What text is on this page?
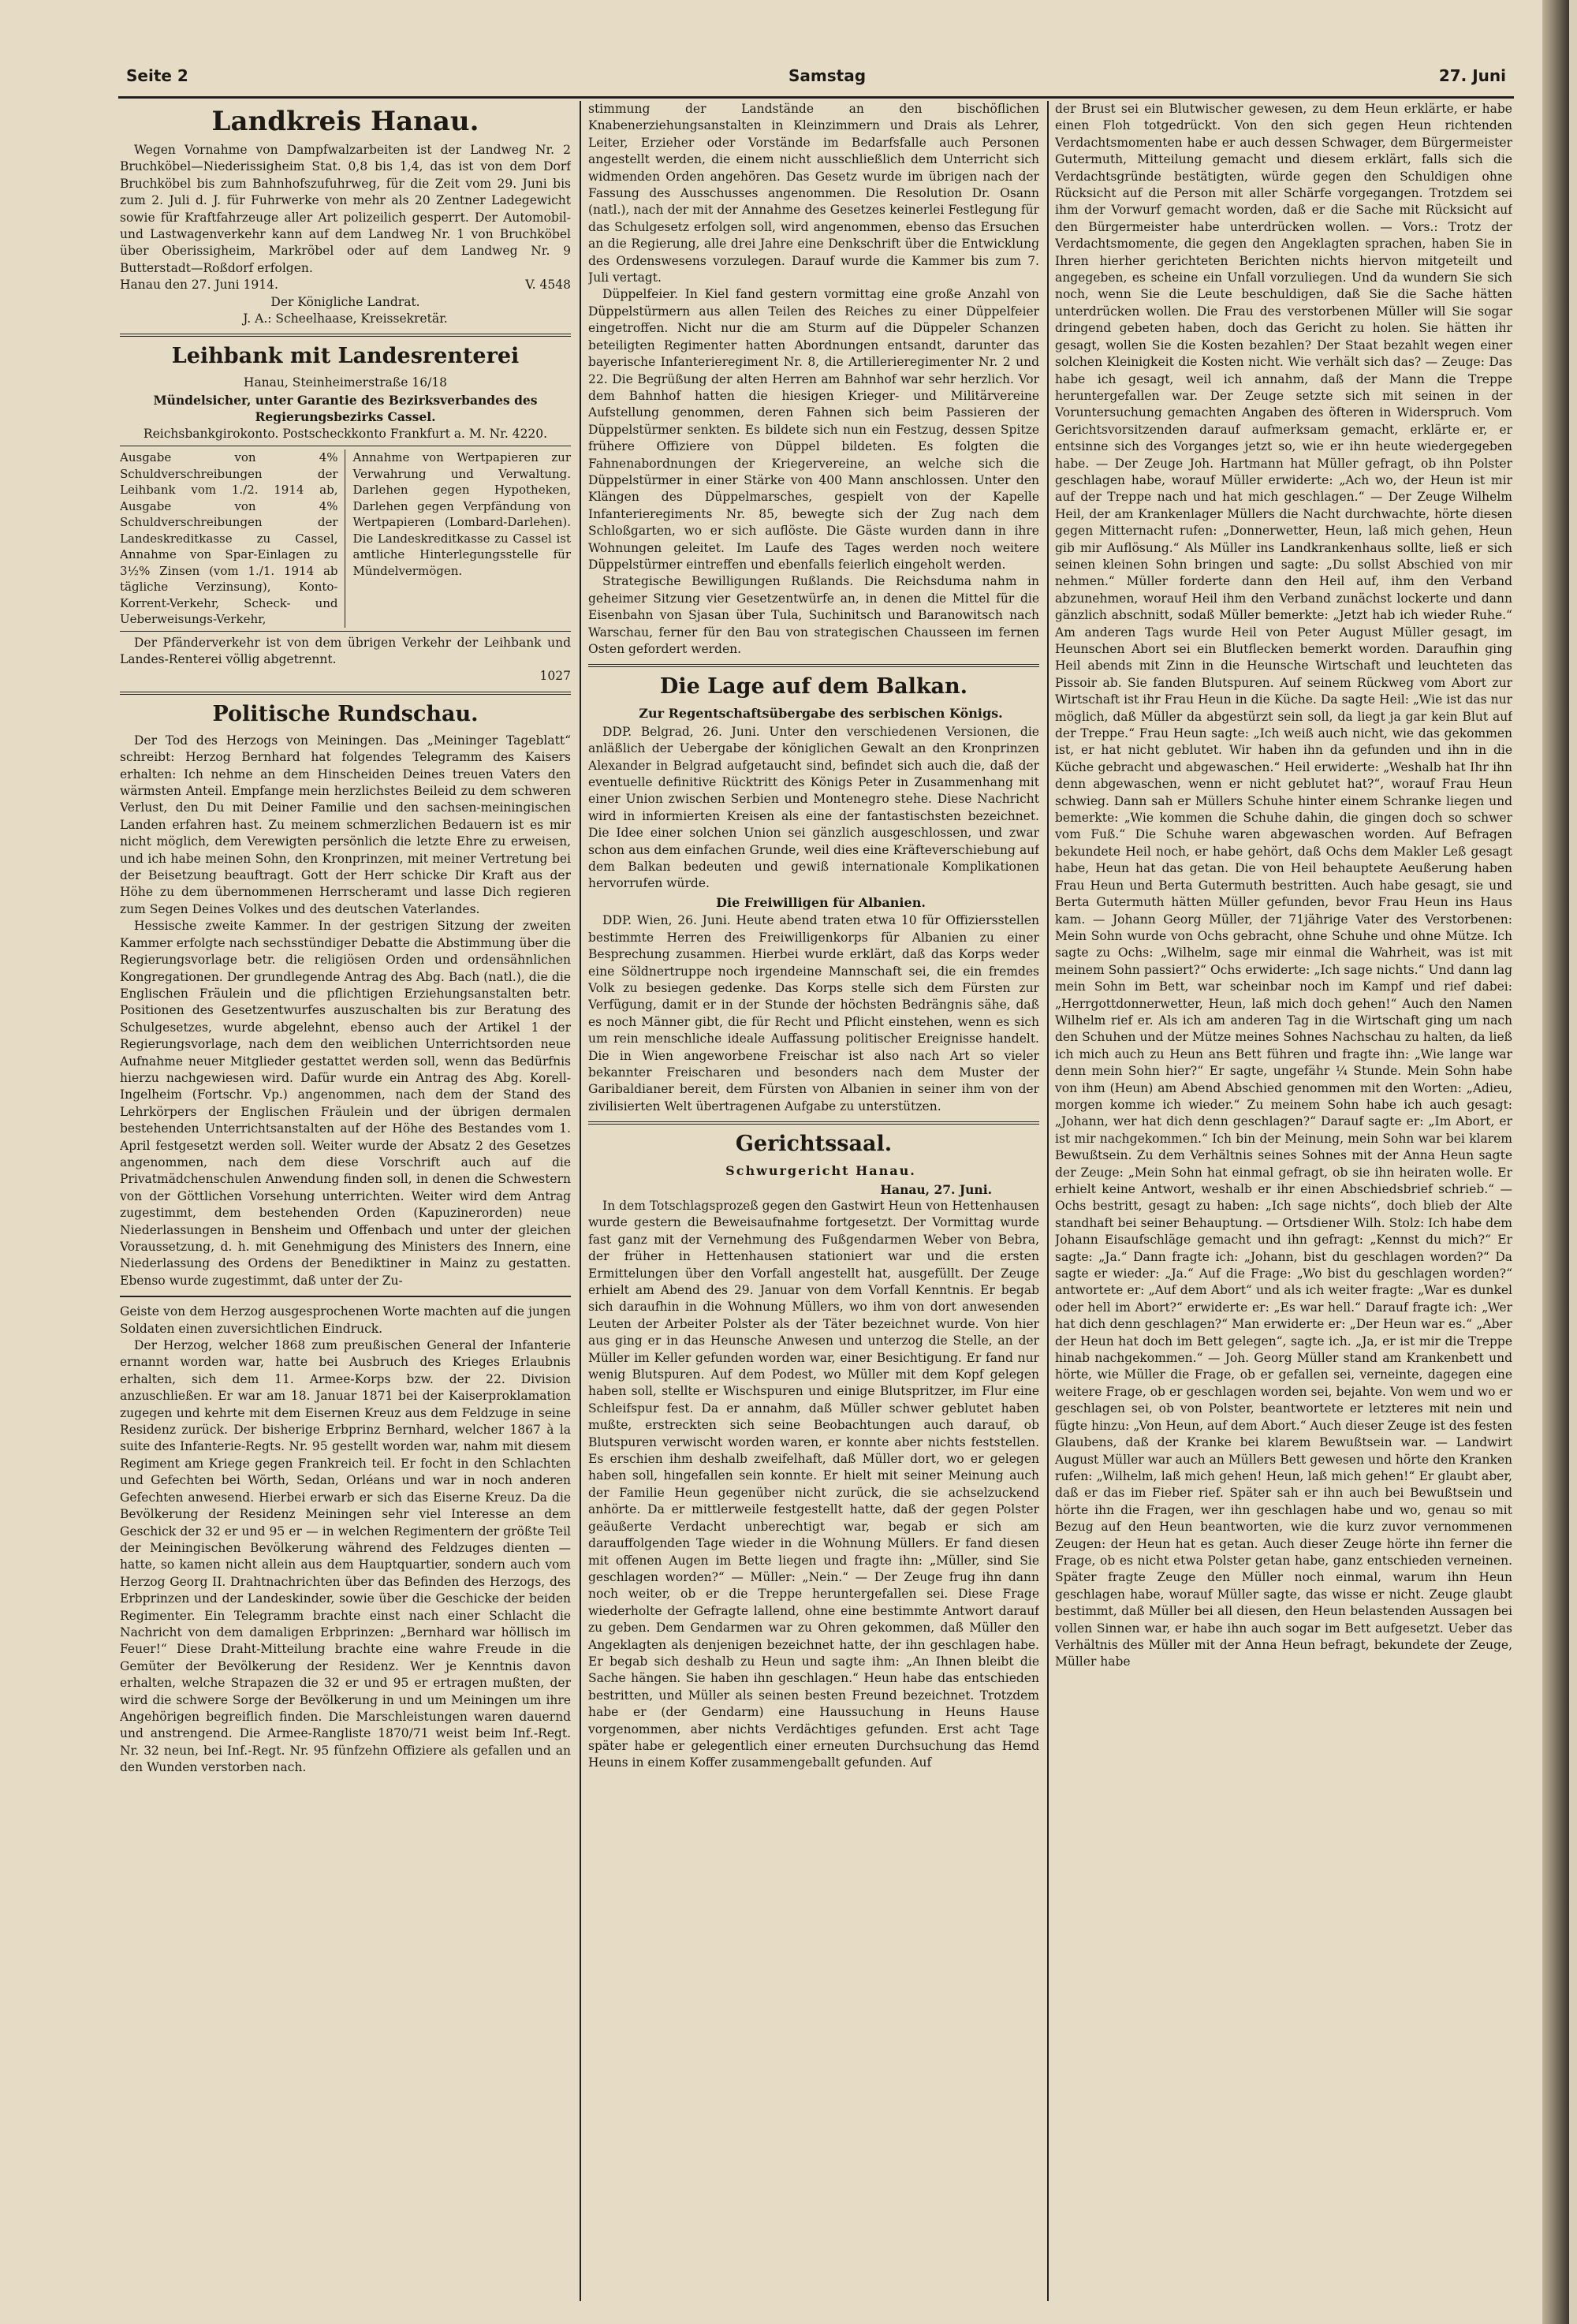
Seite 2	Samstag	27. Juni
Landkreis Hanau.

Wegen Vornahme von Dampfwalzarbeiten ist der Landweg Nr. 2 Bruchköbel—Niederissigheim Stat. 0,8 bis 1,4, das ist von dem Dorf Bruchköbel bis zum Bahnhofszufuhrweg, für die Zeit vom 29. Juni bis zum 2. Juli d. J. für Fuhrwerke von mehr als 20 Zentner Ladegewicht sowie für Kraftfahrzeuge aller Art polizeilich gesperrt. Der Automobil- und Lastwagenverkehr kann auf dem Landweg Nr. 1 von Bruchköbel über Oberissigheim, Markröbel oder auf dem Landweg Nr. 9 Butterstadt—Roßdorf erfolgen.

Hanau den 27. Juni 1914.	V. 4548

Der Königliche Landrat.

J. A.: Scheelhaase, Kreissekretär.

Leihbank mit Landesrenterei

Hanau, Steinheimerstraße 16/18

Mündelsicher, unter Garantie des Bezirksverbandes des Regierungsbezirks Cassel.

Reichsbankgirokonto. Postscheckkonto Frankfurt a. M. Nr. 4220.

Ausgabe von 4% Schuldverschreibungen der Leihbank vom 1./2. 1914 ab, Ausgabe von 4% Schuldverschreibungen der Landeskreditkasse zu Cassel, Annahme von Spar-Einlagen zu 3½% Zinsen (vom 1./1. 1914 ab tägliche Verzinsung), Konto-Korrent-Verkehr, Scheck- und Ueberweisungs-Verkehr,
Annahme von Wertpapieren zur Verwahrung und Verwaltung. Darlehen gegen Hypotheken, Darlehen gegen Verpfändung von Wertpapieren (Lombard-Darlehen). Die Landeskreditkasse zu Cassel ist amtliche Hinterlegungsstelle für Mündelvermögen.

Der Pfänderverkehr ist von dem übrigen Verkehr der Leihbank und Landes-Renterei völlig abgetrennt.

1027

Politische Rundschau.

Der Tod des Herzogs von Meiningen. Das „Meininger Tageblatt“ schreibt: Herzog Bernhard hat folgendes Telegramm des Kaisers erhalten: Ich nehme an dem Hinscheiden Deines treuen Vaters den wärmsten Anteil. Empfange mein herzlichstes Beileid zu dem schweren Verlust, den Du mit Deiner Familie und den sachsen-meiningischen Landen erfahren hast. Zu meinem schmerzlichen Bedauern ist es mir nicht möglich, dem Verewigten persönlich die letzte Ehre zu erweisen, und ich habe meinen Sohn, den Kronprinzen, mit meiner Vertretung bei der Beisetzung beauftragt. Gott der Herr schicke Dir Kraft aus der Höhe zu dem übernommenen Herrscheramt und lasse Dich regieren zum Segen Deines Volkes und des deutschen Vaterlandes.

Hessische zweite Kammer. In der gestrigen Sitzung der zweiten Kammer erfolgte nach sechsstündiger Debatte die Abstimmung über die Regierungsvorlage betr. die religiösen Orden und ordensähnlichen Kongregationen. Der grundlegende Antrag des Abg. Bach (natl.), die die Englischen Fräulein und die pflichtigen Erziehungsanstalten betr. Positionen des Gesetzentwurfes auszuschalten bis zur Beratung des Schulgesetzes, wurde abgelehnt, ebenso auch der Artikel 1 der Regierungsvorlage, nach dem den weiblichen Unterrichtsorden neue Aufnahme neuer Mitglieder gestattet werden soll, wenn das Bedürfnis hierzu nachgewiesen wird. Dafür wurde ein Antrag des Abg. Korell-Ingelheim (Fortschr. Vp.) angenommen, nach dem der Stand des Lehrkörpers der Englischen Fräulein und der übrigen dermalen bestehenden Unterrichtsanstalten auf der Höhe des Bestandes vom 1. April festgesetzt werden soll. Weiter wurde der Absatz 2 des Gesetzes angenommen, nach dem diese Vorschrift auch auf die Privatmädchenschulen Anwendung finden soll, in denen die Schwestern von der Göttlichen Vorsehung unterrichten. Weiter wird dem Antrag zugestimmt, dem bestehenden Orden (Kapuzinerorden) neue Niederlassungen in Bensheim und Offenbach und unter der gleichen Voraussetzung, d. h. mit Genehmigung des Ministers des Innern, eine Niederlassung des Ordens der Benediktiner in Mainz zu gestatten. Ebenso wurde zugestimmt, daß unter der Zu-

Geiste von dem Herzog ausgesprochenen Worte machten auf die jungen Soldaten einen zuversichtlichen Eindruck.

Der Herzog, welcher 1868 zum preußischen General der Infanterie ernannt worden war, hatte bei Ausbruch des Krieges Erlaubnis erhalten, sich dem 11. Armee-Korps bzw. der 22. Division anzuschließen. Er war am 18. Januar 1871 bei der Kaiserproklamation zugegen und kehrte mit dem Eisernen Kreuz aus dem Feldzuge in seine Residenz zurück. Der bisherige Erbprinz Bernhard, welcher 1867 à la suite des Infanterie-Regts. Nr. 95 gestellt worden war, nahm mit diesem Regiment am Kriege gegen Frankreich teil. Er focht in den Schlachten und Gefechten bei Wörth, Sedan, Orléans und war in noch anderen Gefechten anwesend. Hierbei erwarb er sich das Eiserne Kreuz. Da die Bevölkerung der Residenz Meiningen sehr viel Interesse an dem Geschick der 32 er und 95 er — in welchen Regimentern der größte Teil der Meiningischen Bevölkerung während des Feldzuges dienten — hatte, so kamen nicht allein aus dem Hauptquartier, sondern auch vom Herzog Georg II. Drahtnachrichten über das Befinden des Herzogs, des Erbprinzen und der Landeskinder, sowie über die Geschicke der beiden Regimenter. Ein Telegramm brachte einst nach einer Schlacht die Nachricht von dem damaligen Erbprinzen: „Bernhard war höllisch im Feuer!“ Diese Draht-Mitteilung brachte eine wahre Freude in die Gemüter der Bevölkerung der Residenz. Wer je Kenntnis davon erhalten, welche Strapazen die 32 er und 95 er ertragen mußten, der wird die schwere Sorge der Bevölkerung in und um Meiningen um ihre Angehörigen begreiflich finden. Die Marschleistungen waren dauernd und anstrengend. Die Armee-Rangliste 1870/71 weist beim Inf.-Regt. Nr. 32 neun, bei Inf.-Regt. Nr. 95 fünfzehn Offiziere als gefallen und an den Wunden verstorben nach.

stimmung der Landstände an den bischöflichen Knabenerziehungsanstalten in Kleinzimmern und Drais als Lehrer, Leiter, Erzieher oder Vorstände im Bedarfsfalle auch Personen angestellt werden, die einem nicht ausschließlich dem Unterricht sich widmenden Orden angehören. Das Gesetz wurde im übrigen nach der Fassung des Ausschusses angenommen. Die Resolution Dr. Osann (natl.), nach der mit der Annahme des Gesetzes keinerlei Festlegung für das Schulgesetz erfolgen soll, wird angenommen, ebenso das Ersuchen an die Regierung, alle drei Jahre eine Denkschrift über die Entwicklung des Ordenswesens vorzulegen. Darauf wurde die Kammer bis zum 7. Juli vertagt.

Düppelfeier. In Kiel fand gestern vormittag eine große Anzahl von Düppelstürmern aus allen Teilen des Reiches zu einer Düppelfeier eingetroffen. Nicht nur die am Sturm auf die Düppeler Schanzen beteiligten Regimenter hatten Abordnungen entsandt, darunter das bayerische Infanterieregiment Nr. 8, die Artillerieregimenter Nr. 2 und 22. Die Begrüßung der alten Herren am Bahnhof war sehr herzlich. Vor dem Bahnhof hatten die hiesigen Krieger- und Militärvereine Aufstellung genommen, deren Fahnen sich beim Passieren der Düppelstürmer senkten. Es bildete sich nun ein Festzug, dessen Spitze frühere Offiziere von Düppel bildeten. Es folgten die Fahnenabordnungen der Kriegervereine, an welche sich die Düppelstürmer in einer Stärke von 400 Mann anschlossen. Unter den Klängen des Düppelmarsches, gespielt von der Kapelle Infanterieregiments Nr. 85, bewegte sich der Zug nach dem Schloßgarten, wo er sich auflöste. Die Gäste wurden dann in ihre Wohnungen geleitet. Im Laufe des Tages werden noch weitere Düppelstürmer eintreffen und ebenfalls feierlich eingeholt werden.

Strategische Bewilligungen Rußlands. Die Reichsduma nahm in geheimer Sitzung vier Gesetzentwürfe an, in denen die Mittel für die Eisenbahn von Sjasan über Tula, Suchinitsch und Baranowitsch nach Warschau, ferner für den Bau von strategischen Chausseen im fernen Osten gefordert werden.

Die Lage auf dem Balkan.

Zur Regentschaftsübergabe des serbischen Königs.

DDP. Belgrad, 26. Juni. Unter den verschiedenen Versionen, die anläßlich der Uebergabe der königlichen Gewalt an den Kronprinzen Alexander in Belgrad aufgetaucht sind, befindet sich auch die, daß der eventuelle definitive Rücktritt des Königs Peter in Zusammenhang mit einer Union zwischen Serbien und Montenegro stehe. Diese Nachricht wird in informierten Kreisen als eine der fantastischsten bezeichnet. Die Idee einer solchen Union sei gänzlich ausgeschlossen, und zwar schon aus dem einfachen Grunde, weil dies eine Kräfteverschiebung auf dem Balkan bedeuten und gewiß internationale Komplikationen hervorrufen würde.

Die Freiwilligen für Albanien.

DDP. Wien, 26. Juni. Heute abend traten etwa 10 für Offiziersstellen bestimmte Herren des Freiwilligenkorps für Albanien zu einer Besprechung zusammen. Hierbei wurde erklärt, daß das Korps weder eine Söldnertruppe noch irgendeine Mannschaft sei, die ein fremdes Volk zu besiegen gedenke. Das Korps stelle sich dem Fürsten zur Verfügung, damit er in der Stunde der höchsten Bedrängnis sähe, daß es noch Männer gibt, die für Recht und Pflicht einstehen, wenn es sich um rein menschliche ideale Auffassung politischer Ereignisse handelt. Die in Wien angeworbene Freischar ist also nach Art so vieler bekannter Freischaren und besonders nach dem Muster der Garibaldianer bereit, dem Fürsten von Albanien in seiner ihm von der zivilisierten Welt übertragenen Aufgabe zu unterstützen.

Gerichtssaal.

Schwurgericht Hanau.

Hanau, 27. Juni.

In dem Totschlagsprozeß gegen den Gastwirt Heun von Hettenhausen wurde gestern die Beweisaufnahme fortgesetzt. Der Vormittag wurde fast ganz mit der Vernehmung des Fußgendarmen Weber von Bebra, der früher in Hettenhausen stationiert war und die ersten Ermittelungen über den Vorfall angestellt hat, ausgefüllt. Der Zeuge erhielt am Abend des 29. Januar von dem Vorfall Kenntnis. Er begab sich daraufhin in die Wohnung Müllers, wo ihm von dort anwesenden Leuten der Arbeiter Polster als der Täter bezeichnet wurde. Von hier aus ging er in das Heunsche Anwesen und unterzog die Stelle, an der Müller im Keller gefunden worden war, einer Besichtigung. Er fand nur wenig Blutspuren. Auf dem Podest, wo Müller mit dem Kopf gelegen haben soll, stellte er Wischspuren und einige Blutspritzer, im Flur eine Schleifspur fest. Da er annahm, daß Müller schwer geblutet haben mußte, erstreckten sich seine Beobachtungen auch darauf, ob Blutspuren verwischt worden waren, er konnte aber nichts feststellen. Es erschien ihm deshalb zweifelhaft, daß Müller dort, wo er gelegen haben soll, hingefallen sein konnte. Er hielt mit seiner Meinung auch der Familie Heun gegenüber nicht zurück, die sie achselzuckend anhörte. Da er mittlerweile festgestellt hatte, daß der gegen Polster geäußerte Verdacht unberechtigt war, begab er sich am darauffolgenden Tage wieder in die Wohnung Müllers. Er fand diesen mit offenen Augen im Bette liegen und fragte ihn: „Müller, sind Sie geschlagen worden?“ — Müller: „Nein.“ — Der Zeuge frug ihn dann noch weiter, ob er die Treppe heruntergefallen sei. Diese Frage wiederholte der Gefragte lallend, ohne eine bestimmte Antwort darauf zu geben. Dem Gendarmen war zu Ohren gekommen, daß Müller den Angeklagten als denjenigen bezeichnet hatte, der ihn geschlagen habe. Er begab sich deshalb zu Heun und sagte ihm: „An Ihnen bleibt die Sache hängen. Sie haben ihn geschlagen.“ Heun habe das entschieden bestritten, und Müller als seinen besten Freund bezeichnet. Trotzdem habe er (der Gendarm) eine Haussuchung in Heuns Hause vorgenommen, aber nichts Verdächtiges gefunden. Erst acht Tage später habe er gelegentlich einer erneuten Durchsuchung das Hemd Heuns in einem Koffer zusammengeballt gefunden. Auf

der Brust sei ein Blutwischer gewesen, zu dem Heun erklärte, er habe einen Floh totgedrückt. Von den sich gegen Heun richtenden Verdachtsmomenten habe er auch dessen Schwager, dem Bürgermeister Gutermuth, Mitteilung gemacht und diesem erklärt, falls sich die Verdachtsgründe bestätigten, würde gegen den Schuldigen ohne Rücksicht auf die Person mit aller Schärfe vorgegangen. Trotzdem sei ihm der Vorwurf gemacht worden, daß er die Sache mit Rücksicht auf den Bürgermeister habe unterdrücken wollen. — Vors.: Trotz der Verdachtsmomente, die gegen den Angeklagten sprachen, haben Sie in Ihren hierher gerichteten Berichten nichts hiervon mitgeteilt und angegeben, es scheine ein Unfall vorzuliegen. Und da wundern Sie sich noch, wenn Sie die Leute beschuldigen, daß Sie die Sache hätten unterdrücken wollen. Die Frau des verstorbenen Müller will Sie sogar dringend gebeten haben, doch das Gericht zu holen. Sie hätten ihr gesagt, wollen Sie die Kosten bezahlen? Der Staat bezahlt wegen einer solchen Kleinigkeit die Kosten nicht. Wie verhält sich das? — Zeuge: Das habe ich gesagt, weil ich annahm, daß der Mann die Treppe heruntergefallen war. Der Zeuge setzte sich mit seinen in der Voruntersuchung gemachten Angaben des öfteren in Widerspruch. Vom Gerichtsvorsitzenden darauf aufmerksam gemacht, erklärte er, er entsinne sich des Vorganges jetzt so, wie er ihn heute wiedergegeben habe. — Der Zeuge Joh. Hartmann hat Müller gefragt, ob ihn Polster geschlagen habe, worauf Müller erwiderte: „Ach wo, der Heun ist mir auf der Treppe nach und hat mich geschlagen.“ — Der Zeuge Wilhelm Heil, der am Krankenlager Müllers die Nacht durchwachte, hörte diesen gegen Mitternacht rufen: „Donnerwetter, Heun, laß mich gehen, Heun gib mir Auflösung.“ Als Müller ins Landkrankenhaus sollte, ließ er sich seinen kleinen Sohn bringen und sagte: „Du sollst Abschied von mir nehmen.“ Müller forderte dann den Heil auf, ihm den Verband abzunehmen, worauf Heil ihm den Verband zunächst lockerte und dann gänzlich abschnitt, sodaß Müller bemerkte: „Jetzt hab ich wieder Ruhe.“ Am anderen Tags wurde Heil von Peter August Müller gesagt, im Heunschen Abort sei ein Blutflecken bemerkt worden. Daraufhin ging Heil abends mit Zinn in die Heunsche Wirtschaft und leuchteten das Pissoir ab. Sie fanden Blutspuren. Auf seinem Rückweg vom Abort zur Wirtschaft ist ihr Frau Heun in die Küche. Da sagte Heil: „Wie ist das nur möglich, daß Müller da abgestürzt sein soll, da liegt ja gar kein Blut auf der Treppe.“ Frau Heun sagte: „Ich weiß auch nicht, wie das gekommen ist, er hat nicht geblutet. Wir haben ihn da gefunden und ihn in die Küche gebracht und abgewaschen.“ Heil erwiderte: „Weshalb hat Ihr ihn denn abgewaschen, wenn er nicht geblutet hat?“, worauf Frau Heun schwieg. Dann sah er Müllers Schuhe hinter einem Schranke liegen und bemerkte: „Wie kommen die Schuhe dahin, die gingen doch so schwer vom Fuß.“ Die Schuhe waren abgewaschen worden. Auf Befragen bekundete Heil noch, er habe gehört, daß Ochs dem Makler Leß gesagt habe, Heun hat das getan. Die von Heil behauptete Aeußerung haben Frau Heun und Berta Gutermuth bestritten. Auch habe gesagt, sie und Berta Gutermuth hätten Müller gefunden, bevor Frau Heun ins Haus kam. — Johann Georg Müller, der 71jährige Vater des Verstorbenen: Mein Sohn wurde von Ochs gebracht, ohne Schuhe und ohne Mütze. Ich sagte zu Ochs: „Wilhelm, sage mir einmal die Wahrheit, was ist mit meinem Sohn passiert?“ Ochs erwiderte: „Ich sage nichts.“ Und dann lag mein Sohn im Bett, war scheinbar noch im Kampf und rief dabei: „Herrgottdonnerwetter, Heun, laß mich doch gehen!“ Auch den Namen Wilhelm rief er. Als ich am anderen Tag in die Wirtschaft ging um nach den Schuhen und der Mütze meines Sohnes Nachschau zu halten, da ließ ich mich auch zu Heun ans Bett führen und fragte ihn: „Wie lange war denn mein Sohn hier?“ Er sagte, ungefähr ¼ Stunde. Mein Sohn habe von ihm (Heun) am Abend Abschied genommen mit den Worten: „Adieu, morgen komme ich wieder.“ Zu meinem Sohn habe ich auch gesagt: „Johann, wer hat dich denn geschlagen?“ Darauf sagte er: „Im Abort, er ist mir nachgekommen.“ Ich bin der Meinung, mein Sohn war bei klarem Bewußtsein. Zu dem Verhältnis seines Sohnes mit der Anna Heun sagte der Zeuge: „Mein Sohn hat einmal gefragt, ob sie ihn heiraten wolle. Er erhielt keine Antwort, weshalb er ihr einen Abschiedsbrief schrieb.“ — Ochs bestritt, gesagt zu haben: „Ich sage nichts“, doch blieb der Alte standhaft bei seiner Behauptung. — Ortsdiener Wilh. Stolz: Ich habe dem Johann Eisaufschläge gemacht und ihn gefragt: „Kennst du mich?“ Er sagte: „Ja.“ Dann fragte ich: „Johann, bist du geschlagen worden?“ Da sagte er wieder: „Ja.“ Auf die Frage: „Wo bist du geschlagen worden?“ antwortete er: „Auf dem Abort“ und als ich weiter fragte: „War es dunkel oder hell im Abort?“ erwiderte er: „Es war hell.“ Darauf fragte ich: „Wer hat dich denn geschlagen?“ Man erwiderte er: „Der Heun war es.“ „Aber der Heun hat doch im Bett gelegen“, sagte ich. „Ja, er ist mir die Treppe hinab nachgekommen.“ — Joh. Georg Müller stand am Krankenbett und hörte, wie Müller die Frage, ob er gefallen sei, verneinte, dagegen eine weitere Frage, ob er geschlagen worden sei, bejahte. Von wem und wo er geschlagen sei, ob von Polster, beantwortete er letzteres mit nein und fügte hinzu: „Von Heun, auf dem Abort.“ Auch dieser Zeuge ist des festen Glaubens, daß der Kranke bei klarem Bewußtsein war. — Landwirt August Müller war auch an Müllers Bett gewesen und hörte den Kranken rufen: „Wilhelm, laß mich gehen! Heun, laß mich gehen!“ Er glaubt aber, daß er das im Fieber rief. Später sah er ihn auch bei Bewußtsein und hörte ihn die Fragen, wer ihn geschlagen habe und wo, genau so mit Bezug auf den Heun beantworten, wie die kurz zuvor vernommenen Zeugen: der Heun hat es getan. Auch dieser Zeuge hörte ihn ferner die Frage, ob es nicht etwa Polster getan habe, ganz entschieden verneinen. Später fragte Zeuge den Müller noch einmal, warum ihn Heun geschlagen habe, worauf Müller sagte, das wisse er nicht. Zeuge glaubt bestimmt, daß Müller bei all diesen, den Heun belastenden Aussagen bei vollen Sinnen war, er habe ihn auch sogar im Bett aufgesetzt. Ueber das Verhältnis des Müller mit der Anna Heun befragt, bekundete der Zeuge, Müller habe
